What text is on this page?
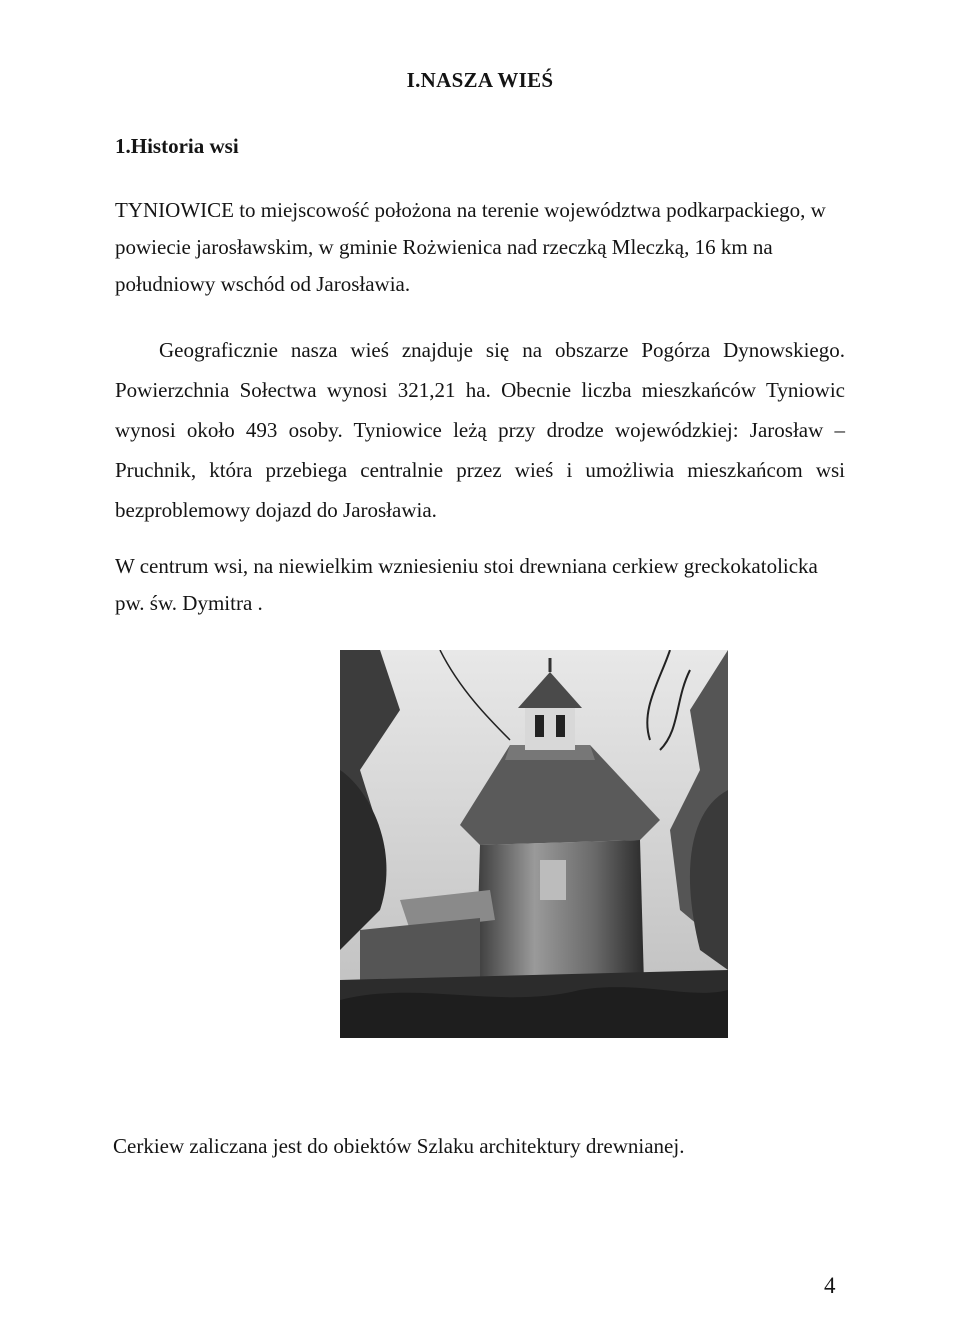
I.NASZA WIEŚ
1.Historia wsi

TYNIOWICE to miejscowość położona na terenie województwa podkarpackiego, w powiecie jarosławskim, w gminie Rożwienica nad rzeczką Mleczką, 16 km na południowy wschód od Jarosławia.

Geograficznie nasza wieś znajduje się na obszarze Pogórza Dynowskiego. Powierzchnia Sołectwa wynosi 321,21 ha. Obecnie liczba mieszkańców Tyniowic wynosi około 493 osoby. Tyniowice leżą przy drodze wojewódzkiej: Jarosław – Pruchnik, która przebiega centralnie przez wieś i umożliwia mieszkańcom wsi bezproblemowy dojazd do Jarosławia.

W centrum wsi, na niewielkim wzniesieniu stoi drewniana cerkiew greckokatolicka pw. św. Dymitra .

Cerkiew zaliczana jest do obiektów Szlaku architektury drewnianej.
4
